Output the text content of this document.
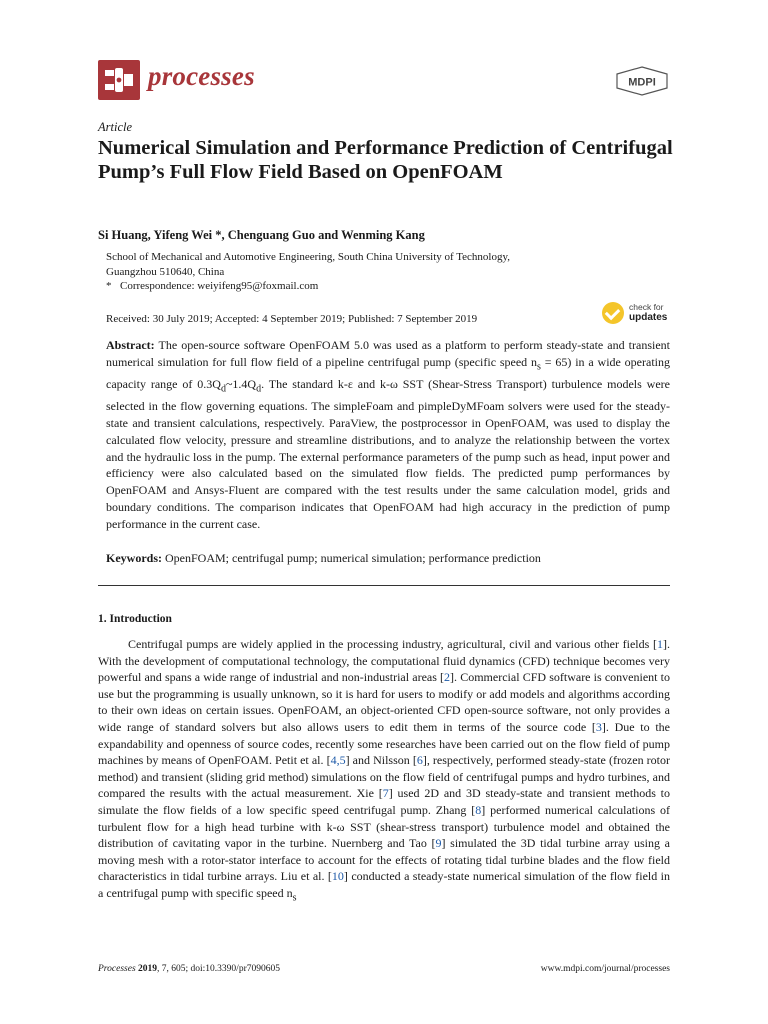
processes	MDPI
Article
Numerical Simulation and Performance Prediction of Centrifugal Pump’s Full Flow Field Based on OpenFOAM
Si Huang, Yifeng Wei *, Chenguang Guo and Wenming Kang
School of Mechanical and Automotive Engineering, South China University of Technology,
Guangzhou 510640, China
* Correspondence: weiyifeng95@foxmail.com
Received: 30 July 2019; Accepted: 4 September 2019; Published: 7 September 2019
check for
updates

Abstract: The open-source software OpenFOAM 5.0 was used as a platform to perform steady-state and transient numerical simulation for full flow field of a pipeline centrifugal pump (specific speed $n_s = 65$) in a wide operating capacity range of $0.3Q_d\sim 1.4Q_d$. The standard k-ε and k-ω SST (Shear-Stress Transport) turbulence models were selected in the flow governing equations. The simpleFoam and pimpleDyMFoam solvers were used for the steady-state and transient calculations, respectively. ParaView, the postprocessor in OpenFOAM, was used to display the calculated flow velocity, pressure and streamline distributions, and to analyze the relationship between the vortex and the hydraulic loss in the pump. The external performance parameters of the pump such as head, input power and efficiency were also calculated based on the simulated flow fields. The predicted pump performances by OpenFOAM and Ansys-Fluent are compared with the test results under the same calculation model, grids and boundary conditions. The comparison indicates that OpenFOAM had high accuracy in the prediction of pump performance in the current case.

Keywords: OpenFOAM; centrifugal pump; numerical simulation; performance prediction
1. Introduction

Centrifugal pumps are widely applied in the processing industry, agricultural, civil and various other fields [1]. With the development of computational technology, the computational fluid dynamics (CFD) technique becomes very powerful and spans a wide range of industrial and non-industrial areas [2]. Commercial CFD software is convenient to use but the programming is usually unknown, so it is hard for users to modify or add models and algorithms according to their own ideas on certain issues. OpenFOAM, an object-oriented CFD open-source software, not only provides a wide range of standard solvers but also allows users to edit them in terms of the source code [3]. Due to the expandability and openness of source codes, recently some researches have been carried out on the flow field of pump machines by means of OpenFOAM. Petit et al. [4,5] and Nilsson [6], respectively, performed steady-state (frozen rotor method) and transient (sliding grid method) simulations on the flow field of centrifugal pumps and hydro turbines, and compared the results with the actual measurement. Xie [7] used 2D and 3D steady-state and transient methods to simulate the flow fields of a low specific speed centrifugal pump. Zhang [8] performed numerical calculations of turbulent flow for a high head turbine with k-ω SST (shear-stress transport) turbulence model and obtained the distribution of cavitating vapor in the turbine. Nuernberg and Tao [9] simulated the 3D tidal turbine array using a moving mesh with a rotor-stator interface to account for the effects of rotating tidal turbine blades and the flow field characteristics in tidal turbine arrays. Liu et al. [10] conducted a steady-state numerical simulation of the flow field in a centrifugal pump with specific speed $n_s$

Processes 2019, 7, 605; doi:10.3390/pr7090605	www.mdpi.com/journal/processes
